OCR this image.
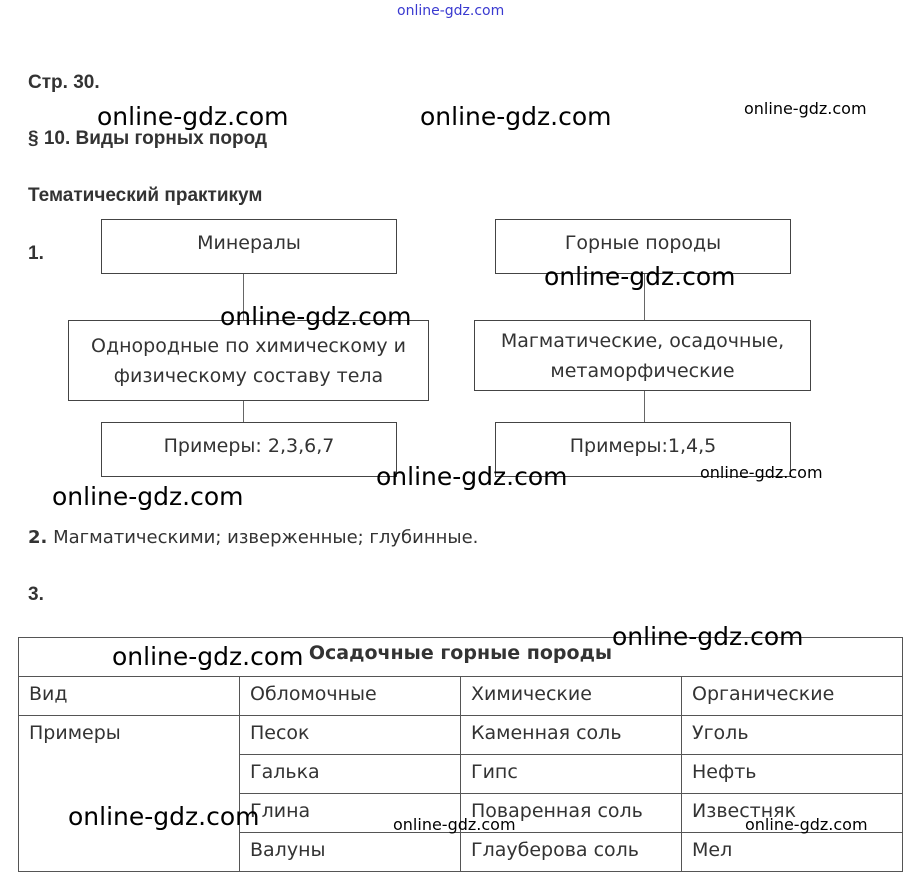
online-gdz.com
Стр. 30.
§ 10. Виды горных пород
Тематический практикум
1.	Минералы
Однородные по химическому и
физическому составу тела
Примеры: 2,3,6,7
Горные породы
Магматические, осадочные,
метаморфические
Примеры:1,4,5
2. Магматическими; изверженные; глубинные.
3.
Осадочные горные породы			
Вид	Обломочные	Химические	Органические
Примеры	Песок	Каменная соль	Уголь
	Галька	Гипс	Нефть
	Глина	Поваренная соль	Известняк
	Валуны	Глауберова соль	Мел
online-gdz.com	online-gdz.com	online-gdz.com
online-gdz.com
online-gdz.com
online-gdz.com	online-gdz.com
online-gdz.com
online-gdz.com
online-gdz.com
online-gdz.com	online-gdz.com	online-gdz.com
